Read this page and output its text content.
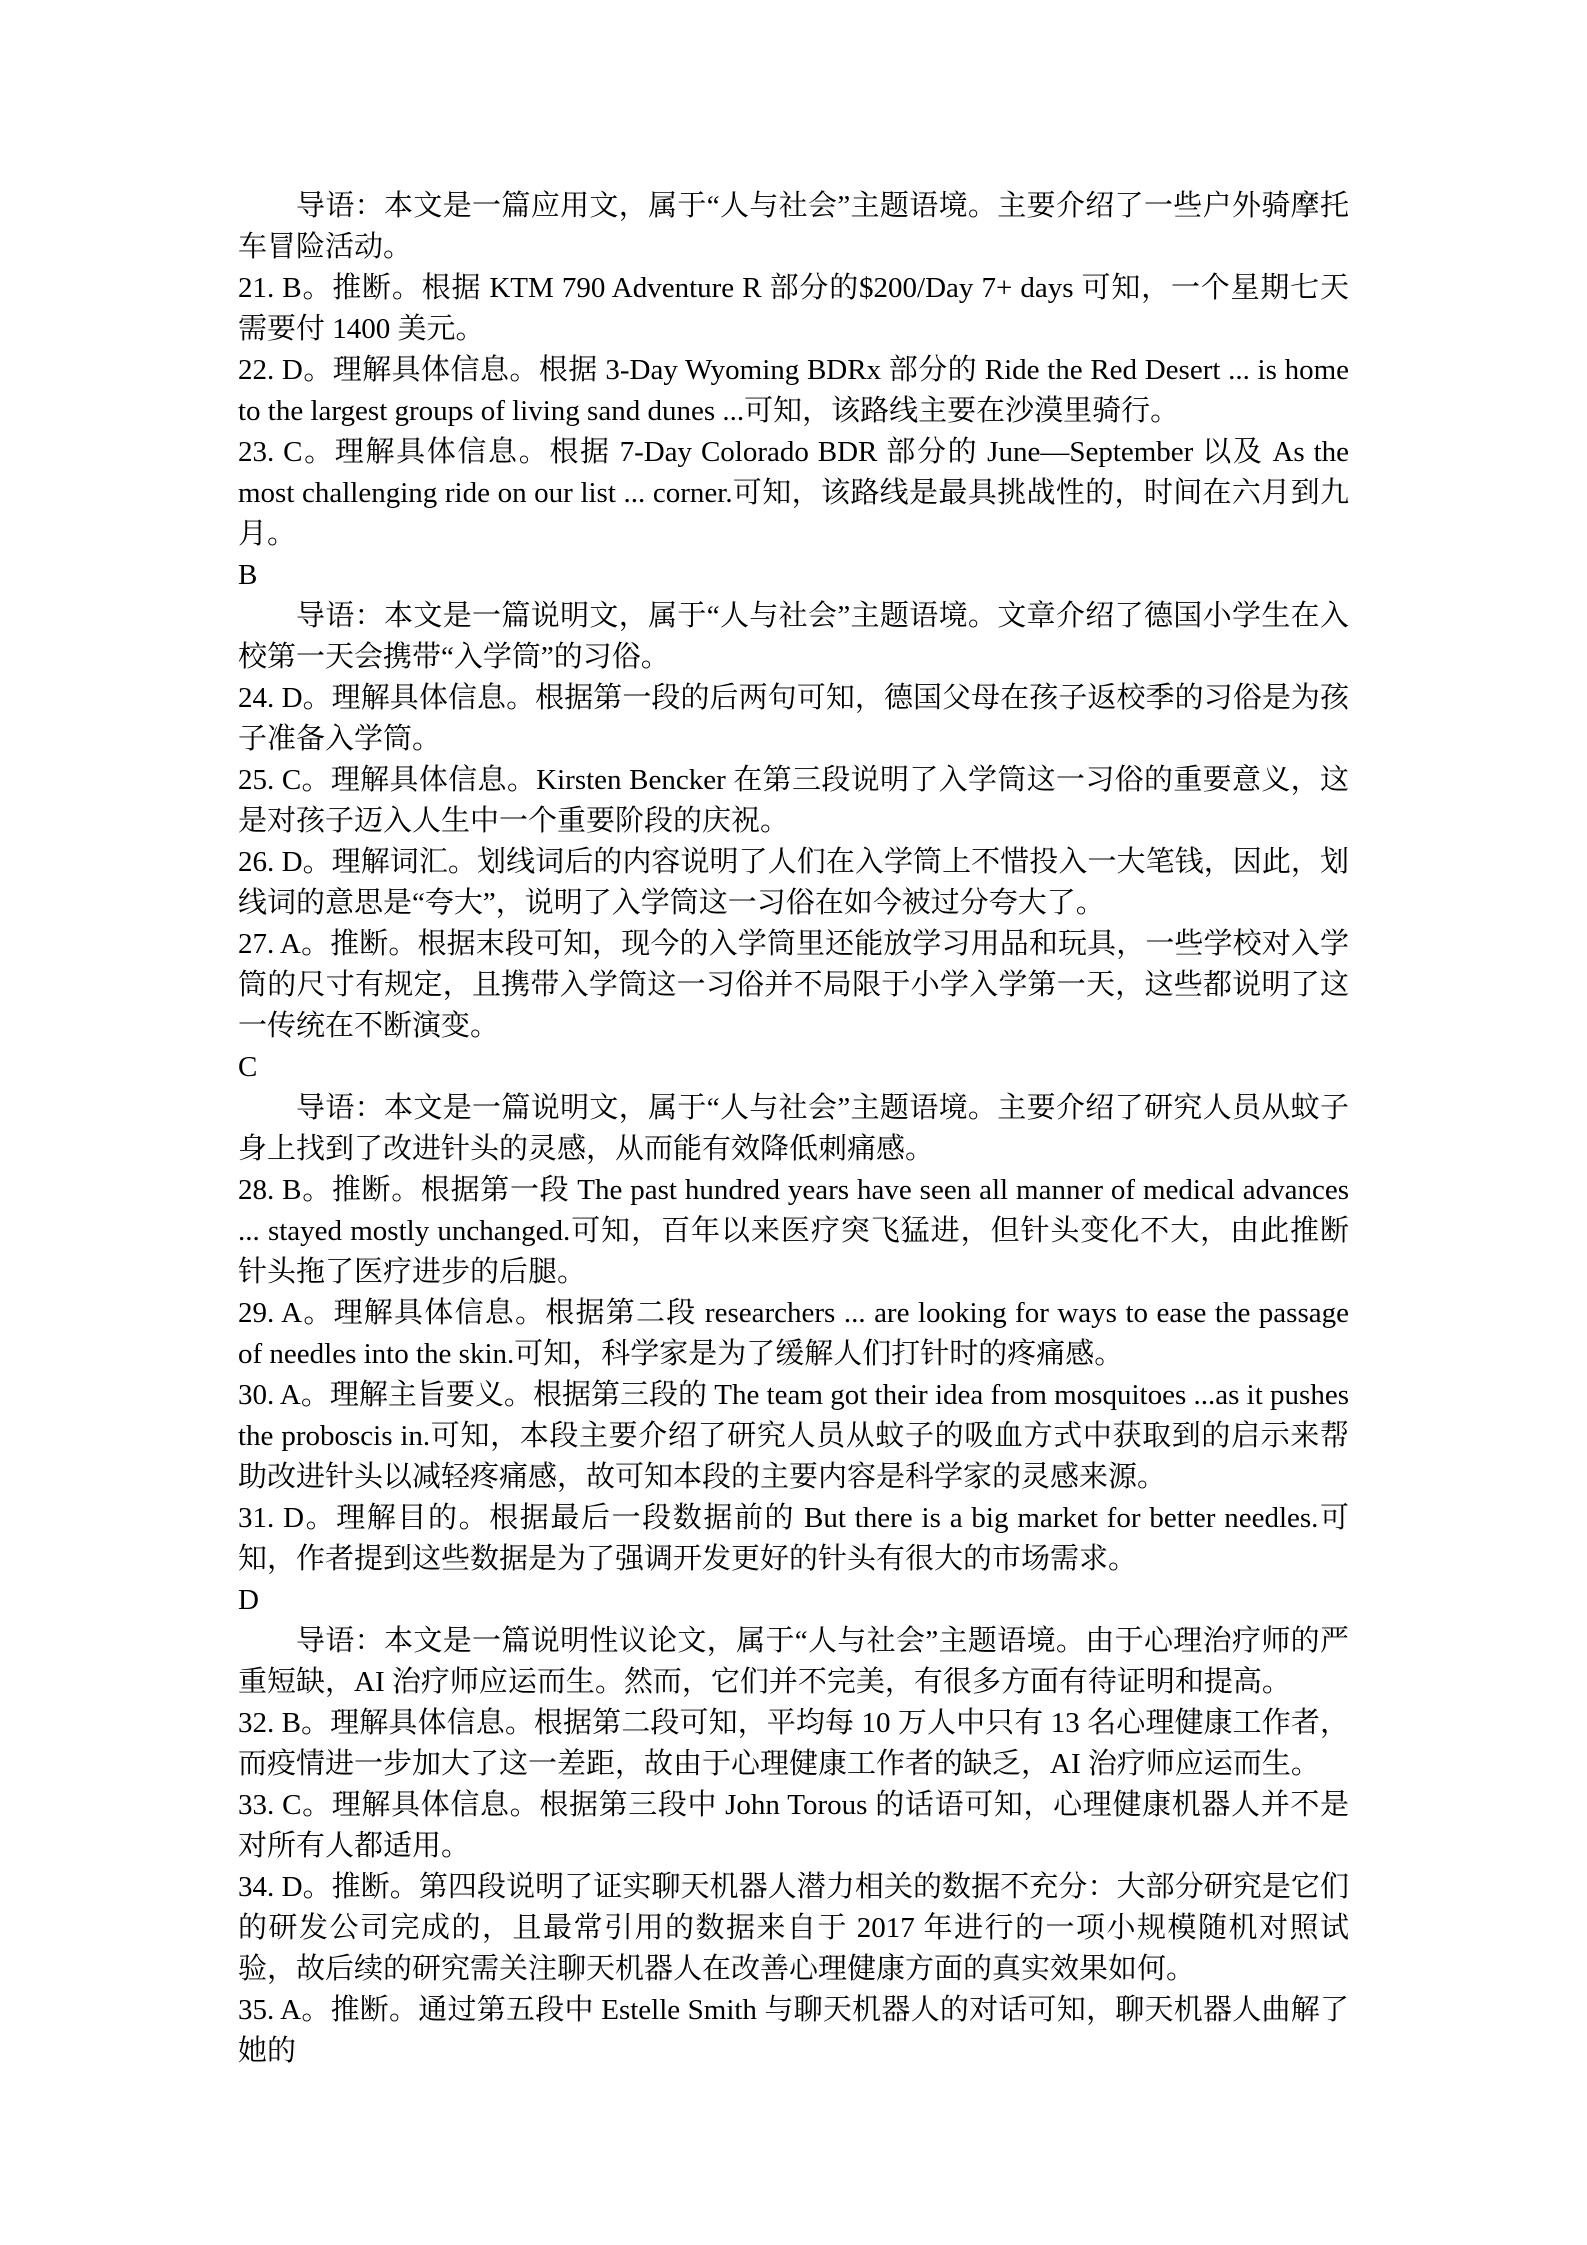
导语：本文是一篇应用文，属于“人与社会”主题语境。主要介绍了一些户外骑摩托车冒险活动。

21. B。推断。根据 KTM 790 Adventure R 部分的$200/Day 7+ days 可知，一个星期七天需要付 1400 美元。

22. D。理解具体信息。根据 3-Day Wyoming BDRx 部分的 Ride the Red Desert ... is home to the largest groups of living sand dunes ...可知，该路线主要在沙漠里骑行。

23. C。理解具体信息。根据 7-Day Colorado BDR 部分的 June—September 以及 As the most challenging ride on our list ... corner.可知，该路线是最具挑战性的，时间在六月到九月。

B

导语：本文是一篇说明文，属于“人与社会”主题语境。文章介绍了德国小学生在入校第一天会携带“入学筒”的习俗。

24. D。理解具体信息。根据第一段的后两句可知，德国父母在孩子返校季的习俗是为孩子准备入学筒。

25. C。理解具体信息。Kirsten Bencker 在第三段说明了入学筒这一习俗的重要意义，这是对孩子迈入人生中一个重要阶段的庆祝。

26. D。理解词汇。划线词后的内容说明了人们在入学筒上不惜投入一大笔钱，因此，划线词的意思是“夸大”，说明了入学筒这一习俗在如今被过分夸大了。

27. A。推断。根据末段可知，现今的入学筒里还能放学习用品和玩具，一些学校对入学筒的尺寸有规定，且携带入学筒这一习俗并不局限于小学入学第一天，这些都说明了这一传统在不断演变。

C

导语：本文是一篇说明文，属于“人与社会”主题语境。主要介绍了研究人员从蚊子身上找到了改进针头的灵感，从而能有效降低刺痛感。

28. B。推断。根据第一段 The past hundred years have seen all manner of medical advances ... stayed mostly unchanged.可知，百年以来医疗突飞猛进，但针头变化不大，由此推断针头拖了医疗进步的后腿。

29. A。理解具体信息。根据第二段 researchers ... are looking for ways to ease the passage of needles into the skin.可知，科学家是为了缓解人们打针时的疼痛感。

30. A。理解主旨要义。根据第三段的 The team got their idea from mosquitoes ...as it pushes the proboscis in.可知，本段主要介绍了研究人员从蚊子的吸血方式中获取到的启示来帮助改进针头以减轻疼痛感，故可知本段的主要内容是科学家的灵感来源。

31. D。理解目的。根据最后一段数据前的 But there is a big market for better needles.可知，作者提到这些数据是为了强调开发更好的针头有很大的市场需求。

D

导语：本文是一篇说明性议论文，属于“人与社会”主题语境。由于心理治疗师的严重短缺，AI 治疗师应运而生。然而，它们并不完美，有很多方面有待证明和提高。

32. B。理解具体信息。根据第二段可知，平均每 10 万人中只有 13 名心理健康工作者，而疫情进一步加大了这一差距，故由于心理健康工作者的缺乏，AI 治疗师应运而生。

33. C。理解具体信息。根据第三段中 John Torous 的话语可知，心理健康机器人并不是对所有人都适用。

34. D。推断。第四段说明了证实聊天机器人潜力相关的数据不充分：大部分研究是它们的研发公司完成的，且最常引用的数据来自于 2017 年进行的一项小规模随机对照试验，故后续的研究需关注聊天机器人在改善心理健康方面的真实效果如何。

35. A。推断。通过第五段中 Estelle Smith 与聊天机器人的对话可知，聊天机器人曲解了她的
